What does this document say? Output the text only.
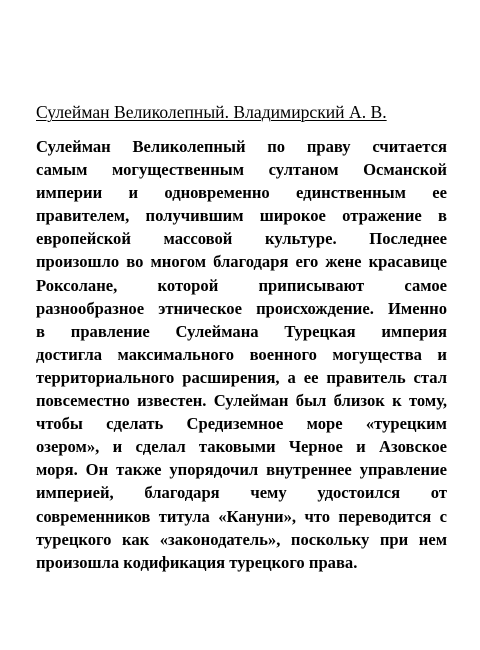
Сулейман Великолепный. Владимирский А. В.
Сулейман Великолепный по праву считается
самым могущественным султаном Османской
империи и одновременно единственным ее
правителем, получившим широкое отражение в
европейской массовой культуре. Последнее
произошло во многом благодаря его жене красавице
Роксолане, которой приписывают самое
разнообразное этническое происхождение. Именно
в правление Сулеймана Турецкая империя
достигла максимального военного могущества и
территориального расширения, а ее правитель стал
повсеместно известен. Сулейман был близок к тому,
чтобы сделать Средиземное море «турецким
озером», и сделал таковыми Черное и Азовское
моря. Он также упорядочил внутреннее управление
империей, благодаря чему удостоился от
современников титула «Кануни», что переводится с
турецкого как «законодатель», поскольку при нем
произошла кодификация турецкого права.
